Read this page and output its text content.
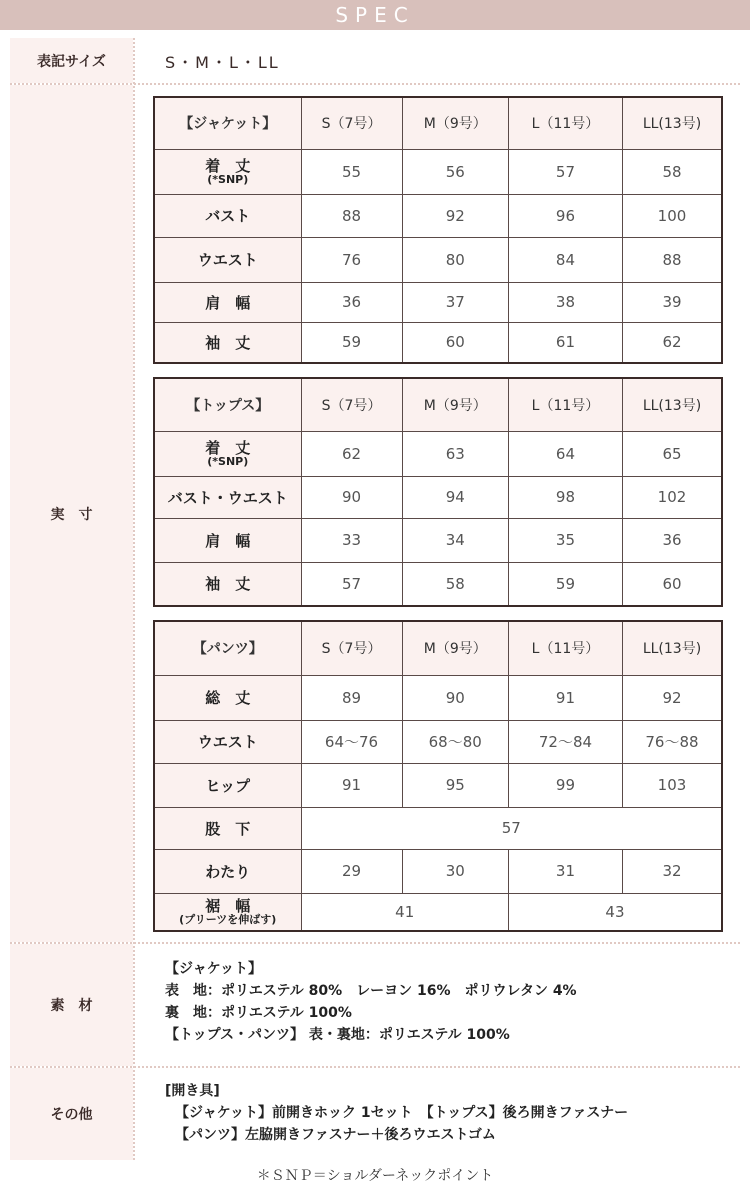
SPEC
表記サイズ	S・M・L・LL
実　寸
【ジャケット】	S（7号）	M（9号）	L（11号）	LL(13号)

着　丈
(*SNP)	55	56	57	58
バスト	88	92	96	100
ウエスト	76	80	84	88
肩　幅	36	37	38	39
袖　丈	59	60	61	62
【トップス】	S（7号）	M（9号）	L（11号）	LL(13号)

着　丈
(*SNP)	62	63	64	65
バスト・ウエスト	90	94	98	102
肩　幅	33	34	35	36
袖　丈	57	58	59	60
【パンツ】	S（7号）	M（9号）	L（11号）	LL(13号)
総　丈	89	90	91	92
ウエスト	64〜76	68〜80	72〜84	76〜88
ヒップ	91	95	99	103
股　下	57			
わたり	29	30	31	32

裾　幅
(プリーツを伸ばす)	41		43	
素　材
【ジャケット】
表　地：ポリエステル 80%　レーヨン 16%　ポリウレタン 4%
裏　地：ポリエステル 100%
【トップス・パンツ】 表・裏地：ポリエステル 100%
その他
[開き具]
【ジャケット】前開きホック 1セット　【トップス】後ろ開きファスナー
【パンツ】左脇開きファスナー＋後ろウエストゴム
＊ＳＮＰ＝ショルダーネックポイント
